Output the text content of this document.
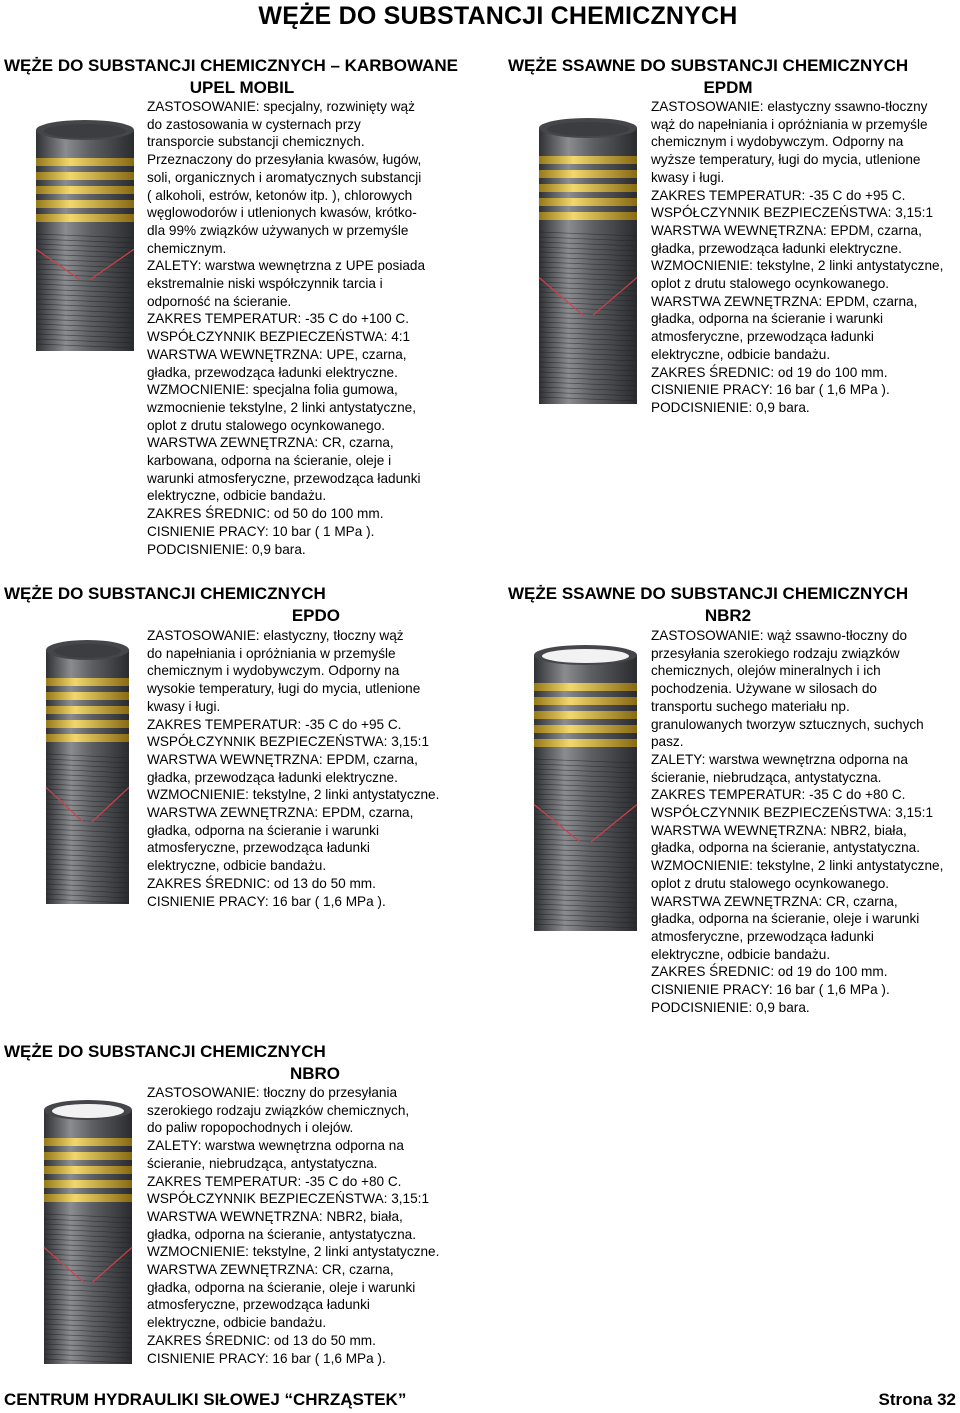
WĘŻE DO SUBSTANCJI CHEMICZNYCH
WĘŻE DO SUBSTANCJI CHEMICZNYCH – KARBOWANE
UPEL MOBIL
ZASTOSOWANIE: specjalny, rozwinięty wąż
do zastosowania w cysternach przy
transporcie substancji chemicznych.
Przeznaczony do przesyłania kwasów, ługów,
soli, organicznych i aromatycznych substancji
( alkoholi, estrów, ketonów itp. ), chlorowych
węglowodorów i utlenionych kwasów, krótko-
dla 99% związków używanych w przemyśle
chemicznym.
ZALETY: warstwa wewnętrzna z UPE posiada
ekstremalnie niski współczynnik tarcia i
odporność na ścieranie.
ZAKRES TEMPERATUR: -35 C do +100 C.
WSPÓŁCZYNNIK BEZPIECZEŃSTWA: 4:1
WARSTWA WEWNĘTRZNA: UPE, czarna,
gładka, przewodząca ładunki elektryczne.
WZMOCNIENIE: specjalna folia gumowa,
wzmocnienie tekstylne, 2 linki antystatyczne,
oplot z drutu stalowego ocynkowanego.
WARSTWA ZEWNĘTRZNA: CR, czarna,
karbowana, odporna na ścieranie, oleje i
warunki atmosferyczne, przewodząca ładunki
elektryczne, odbicie bandażu.
ZAKRES ŚREDNIC: od 50 do 100 mm.
CISNIENIE PRACY: 10 bar ( 1 MPa ).
PODCISNIENIE: 0,9 bara.
WĘŻE SSAWNE DO SUBSTANCJI CHEMICZNYCH
EPDM
ZASTOSOWANIE: elastyczny ssawno-tłoczny
wąż do napełniania i opróżniania w przemyśle
chemicznym i wydobywczym. Odporny na
wyższe temperatury, ługi do mycia, utlenione
kwasy i ługi.
ZAKRES TEMPERATUR: -35 C do +95 C.
WSPÓŁCZYNNIK BEZPIECZEŃSTWA: 3,15:1
WARSTWA WEWNĘTRZNA: EPDM, czarna,
gładka, przewodząca ładunki elektryczne.
WZMOCNIENIE: tekstylne, 2 linki antystatyczne,
oplot z drutu stalowego ocynkowanego.
WARSTWA ZEWNĘTRZNA: EPDM, czarna,
gładka, odporna na ścieranie i warunki
atmosferyczne, przewodząca ładunki
elektryczne, odbicie bandażu.
ZAKRES ŚREDNIC: od 19 do 100 mm.
CISNIENIE PRACY: 16 bar ( 1,6 MPa ).
PODCISNIENIE: 0,9 bara.
WĘŻE DO SUBSTANCJI CHEMICZNYCH
EPDO
ZASTOSOWANIE: elastyczny, tłoczny wąż
do napełniania i opróżniania w przemyśle
chemicznym i wydobywczym. Odporny na
wysokie temperatury, ługi do mycia, utlenione
kwasy i ługi.
ZAKRES TEMPERATUR: -35 C do +95 C.
WSPÓŁCZYNNIK BEZPIECZEŃSTWA: 3,15:1
WARSTWA WEWNĘTRZNA: EPDM, czarna,
gładka, przewodząca ładunki elektryczne.
WZMOCNIENIE: tekstylne, 2 linki antystatyczne.
WARSTWA ZEWNĘTRZNA: EPDM, czarna,
gładka, odporna na ścieranie i warunki
atmosferyczne, przewodząca ładunki
elektryczne, odbicie bandażu.
ZAKRES ŚREDNIC: od 13 do 50 mm.
CISNIENIE PRACY: 16 bar ( 1,6 MPa ).
WĘŻE SSAWNE DO SUBSTANCJI CHEMICZNYCH
NBR2
ZASTOSOWANIE: wąż ssawno-tłoczny do
przesyłania szerokiego rodzaju związków
chemicznych, olejów mineralnych i ich
pochodzenia. Używane w silosach do
transportu suchego materiału np.
granulowanych tworzyw sztucznych, suchych
pasz.
ZALETY: warstwa wewnętrzna odporna na
ścieranie, niebrudząca, antystatyczna.
ZAKRES TEMPERATUR: -35 C do +80 C.
WSPÓŁCZYNNIK BEZPIECZEŃSTWA: 3,15:1
WARSTWA WEWNĘTRZNA: NBR2, biała,
gładka, odporna na ścieranie, antystatyczna.
WZMOCNIENIE: tekstylne, 2 linki antystatyczne,
oplot z drutu stalowego ocynkowanego.
WARSTWA ZEWNĘTRZNA: CR, czarna,
gładka, odporna na ścieranie, oleje i warunki
atmosferyczne, przewodząca ładunki
elektryczne, odbicie bandażu.
ZAKRES ŚREDNIC: od 19 do 100 mm.
CISNIENIE PRACY: 16 bar ( 1,6 MPa ).
PODCISNIENIE: 0,9 bara.
WĘŻE DO SUBSTANCJI CHEMICZNYCH
NBRO
ZASTOSOWANIE: tłoczny do przesyłania
szerokiego rodzaju związków chemicznych,
do paliw ropopochodnych i olejów.
ZALETY: warstwa wewnętrzna odporna na
ścieranie, niebrudząca, antystatyczna.
ZAKRES TEMPERATUR: -35 C do +80 C.
WSPÓŁCZYNNIK BEZPIECZEŃSTWA: 3,15:1
WARSTWA WEWNĘTRZNA: NBR2, biała,
gładka, odporna na ścieranie, antystatyczna.
WZMOCNIENIE: tekstylne, 2 linki antystatyczne.
WARSTWA ZEWNĘTRZNA: CR, czarna,
gładka, odporna na ścieranie, oleje i warunki
atmosferyczne, przewodząca ładunki
elektryczne, odbicie bandażu.
ZAKRES ŚREDNIC: od 13 do 50 mm.
CISNIENIE PRACY: 16 bar ( 1,6 MPa ).
CENTRUM HYDRAULIKI SIŁOWEJ “CHRZĄSTEK”	Strona 32
